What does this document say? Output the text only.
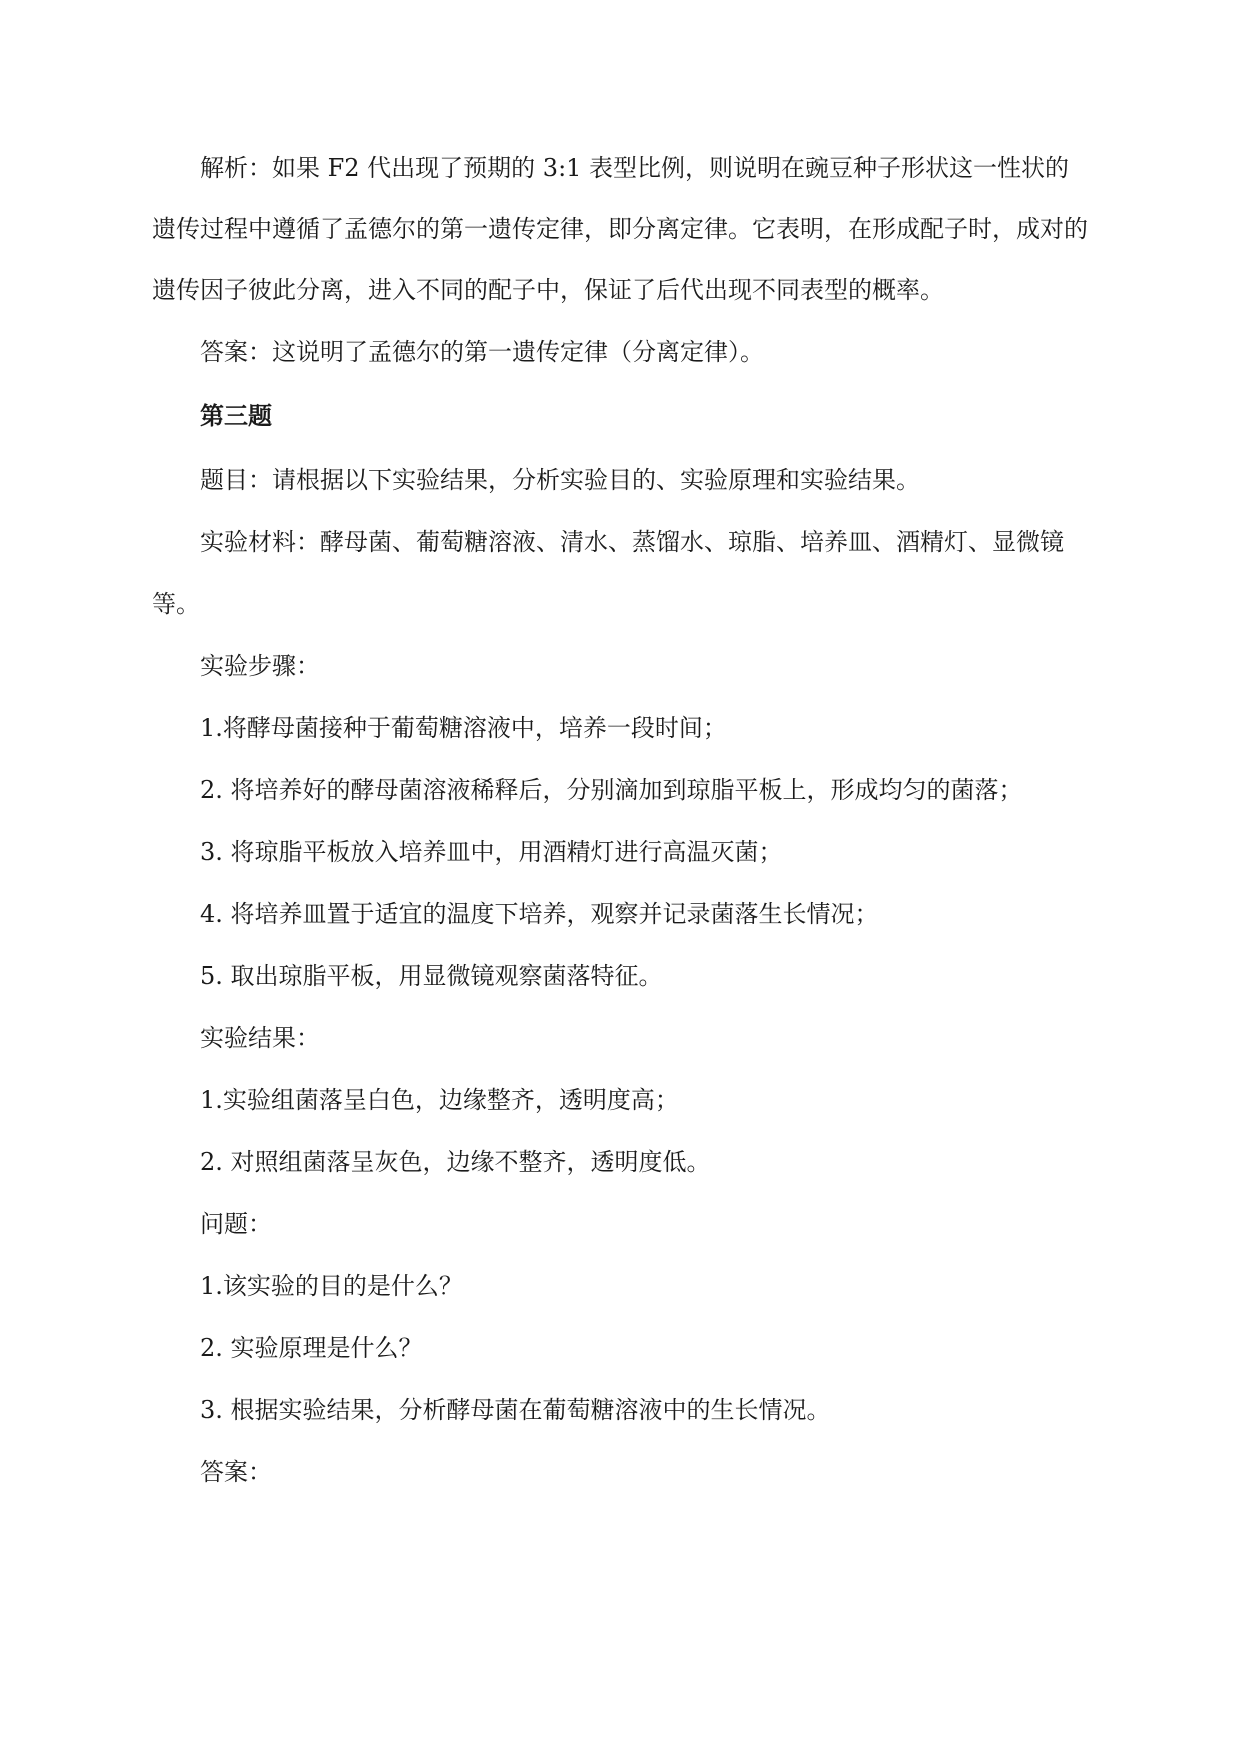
解析：如果 F2 代出现了预期的 3:1 表型比例，则说明在豌豆种子形状这一性状的遗传过程中遵循了孟德尔的第一遗传定律，即分离定律。它表明，在形成配子时，成对的遗传因子彼此分离，进入不同的配子中，保证了后代出现不同表型的概率。

答案：这说明了孟德尔的第一遗传定律（分离定律）。

第三题

题目：请根据以下实验结果，分析实验目的、实验原理和实验结果。

实验材料：酵母菌、葡萄糖溶液、清水、蒸馏水、琼脂、培养皿、酒精灯、显微镜等。

实验步骤：

1.将酵母菌接种于葡萄糖溶液中，培养一段时间；

2. 将培养好的酵母菌溶液稀释后，分别滴加到琼脂平板上，形成均匀的菌落；

3. 将琼脂平板放入培养皿中，用酒精灯进行高温灭菌；

4. 将培养皿置于适宜的温度下培养，观察并记录菌落生长情况；

5. 取出琼脂平板，用显微镜观察菌落特征。

实验结果：

1.实验组菌落呈白色，边缘整齐，透明度高；

2. 对照组菌落呈灰色，边缘不整齐，透明度低。

问题：

1.该实验的目的是什么？

2. 实验原理是什么？

3. 根据实验结果，分析酵母菌在葡萄糖溶液中的生长情况。

答案：
